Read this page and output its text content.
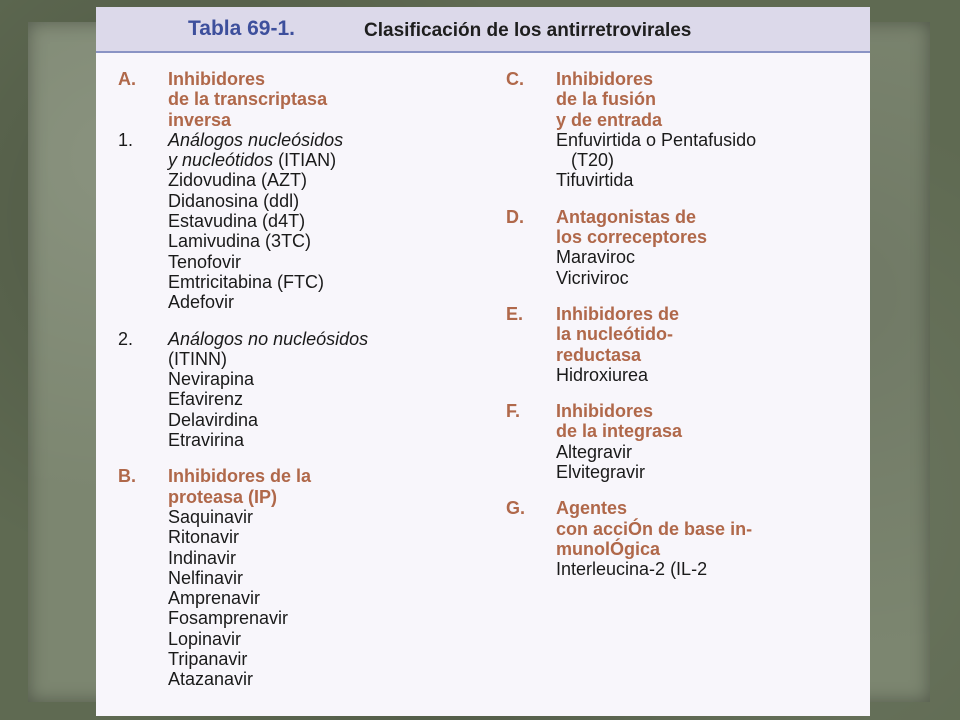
Tabla 69-1.	Clasificación de los antirretrovirales
A. Inhibidores
de la transcriptasa
inversa
1. Análogos nucleósidos
y nucleótidos (ITIAN)
Zidovudina (AZT)
Didanosina (ddl)
Estavudina (d4T)
Lamivudina (3TC)
Tenofovir
Emtricitabina (FTC)
Adefovir
2. Análogos no nucleósidos
(ITINN)
Nevirapina
Efavirenz
Delavirdina
Etravirina
B. Inhibidores de la
proteasa (IP)
Saquinavir
Ritonavir
Indinavir
Nelfinavir
Amprenavir
Fosamprenavir
Lopinavir
Tripanavir
Atazanavir
C. Inhibidores
de la fusión
y de entrada
Enfuvirtida o Pentafusido
(T20)
Tifuvirtida
D. Antagonistas de
los correceptores
Maraviroc
Vicriviroc
E. Inhibidores de
la nucleótido-
reductasa
Hidroxiurea
F. Inhibidores
de la integrasa
Altegravir
Elvitegravir
G. Agentes
con acciÓn de base in-
munolÓgica
Interleucina-2 (IL-2
